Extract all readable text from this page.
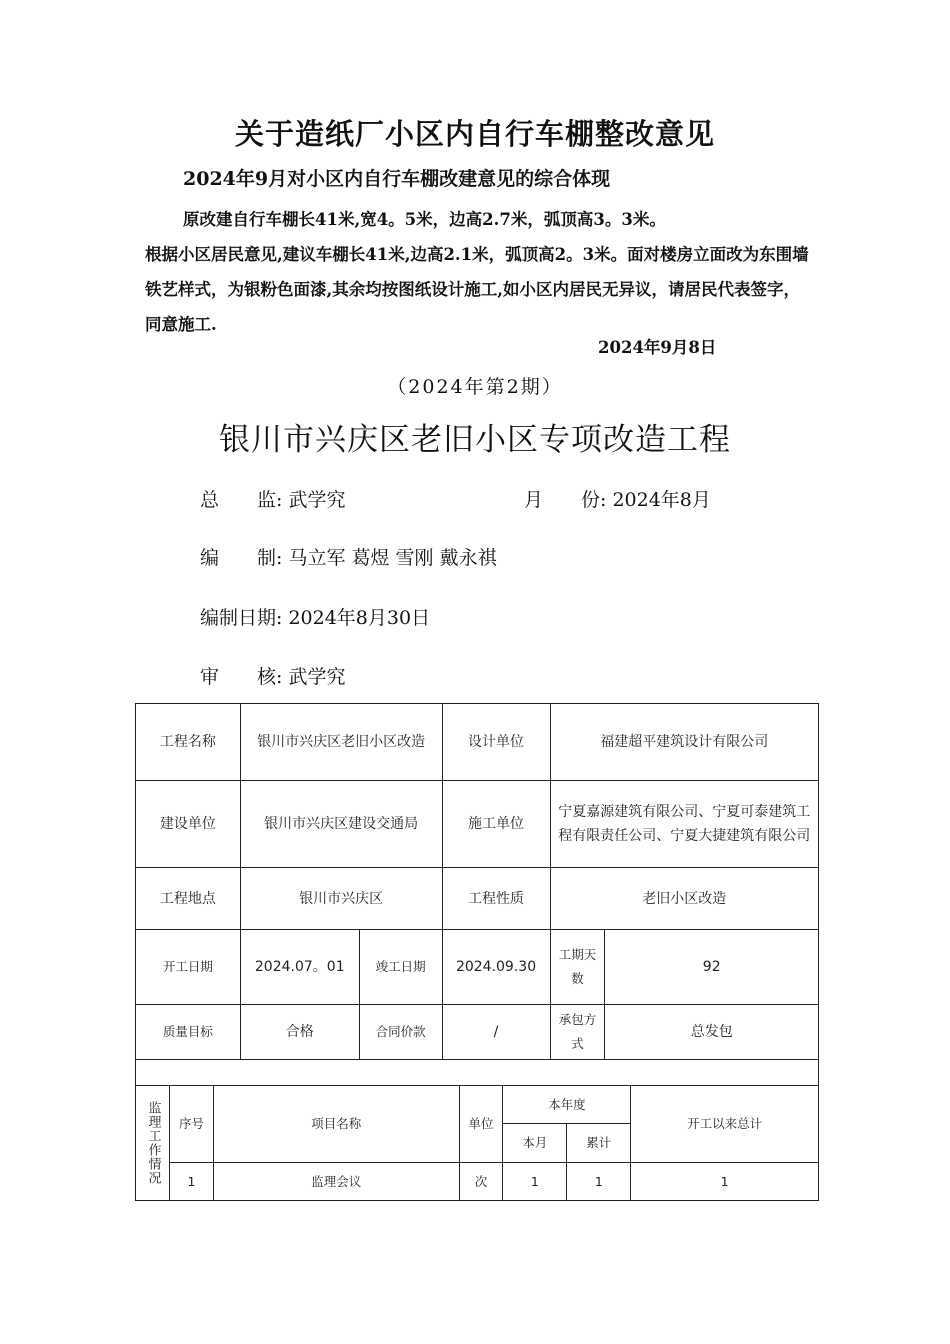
关于造纸厂小区内自行车棚整改意见
2024年9月对小区内自行车棚改建意见的综合体现
原改建自行车棚长41米,宽4。5米，边高2.7米，弧顶高3。3米。
根据小区居民意见,建议车棚长41米,边高2.1米，弧顶高2。3米。面对楼房立面改为东围墙铁艺样式，为银粉色面漆,其余均按图纸设计施工,如小区内居民无异议，请居民代表签字，同意施工.
2024年9月8日
（2024年第2期）
银川市兴庆区老旧小区专项改造工程
总　　监: 武学究	月　　份: 2024年8月
编　　制: 马立军 葛煜 雪刚 戴永祺
编制日期: 2024年8月30日
审　　核: 武学究
工程名称	银川市兴庆区老旧小区改造		设计单位	福建超平建筑设计有限公司	
建设单位	银川市兴庆区建设交通局		施工单位	宁夏嘉源建筑有限公司、宁夏可泰建筑工程有限责任公司、宁夏大捷建筑有限公司	
工程地点	银川市兴庆区		工程性质	老旧小区改造	
开工日期	2024.07。01	竣工日期	2024.09.30	工期天数	92
质量目标	合格	合同价款	/	承包方式	总发包

监理工作情况	序号	项目名称	单位	本年度		开工以来总计
				本月	累计	
	1	监理会议	次	1	1	1
